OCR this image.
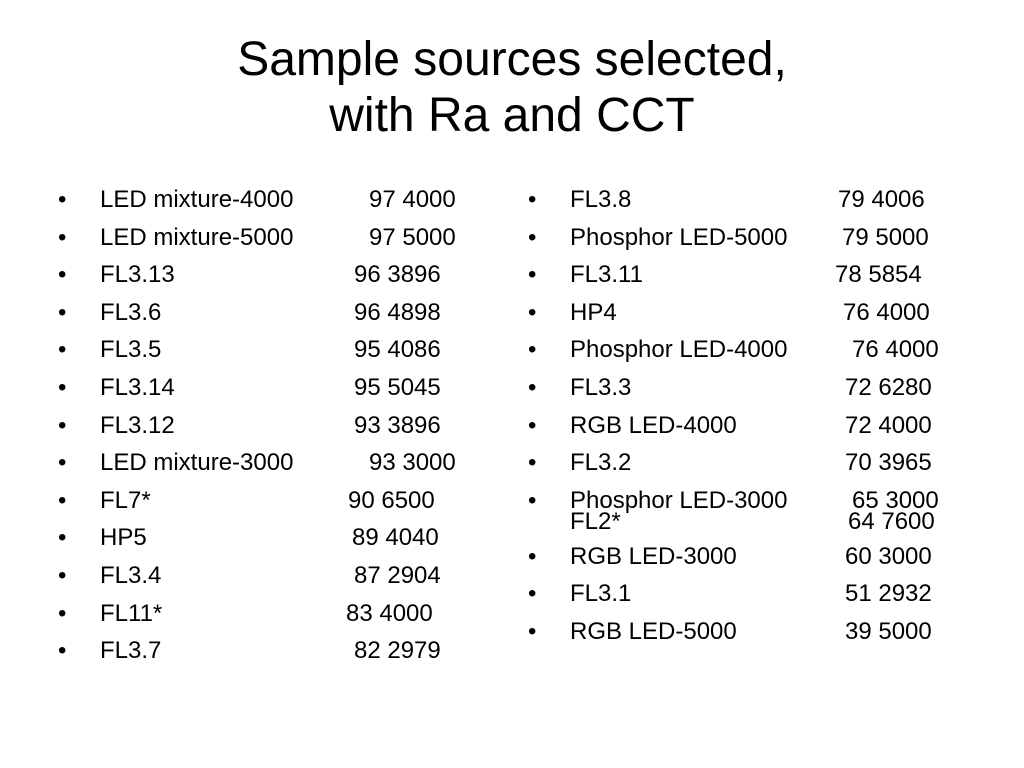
Sample sources selected,
with Ra and CCT
•	LED mixture-4000	97 4000
•	LED mixture-5000	97 5000
•	FL3.13	96 3896
•	FL3.6	96 4898
•	FL3.5	95 4086
•	FL3.14	95 5045
•	FL3.12	93 3896
•	LED mixture-3000	93 3000
•	FL7*	90 6500
•	HP5	89 4040
•	FL3.4	87 2904
•	FL11*	83 4000
•	FL3.7	82 2979
•	FL3.8	79 4006
•	Phosphor LED-5000 79 5000
•	FL3.11	78 5854
•	HP4	76 4000
•	Phosphor LED-4000	76 4000
•	FL3.3	72 6280
•	RGB LED-4000	72 4000
•	FL3.2	70 3965
•	Phosphor LED-3000	65 3000
FL2*	64 7600
•	RGB LED-3000	60 3000
•	FL3.1	51 2932
•	RGB LED-5000	39 5000
